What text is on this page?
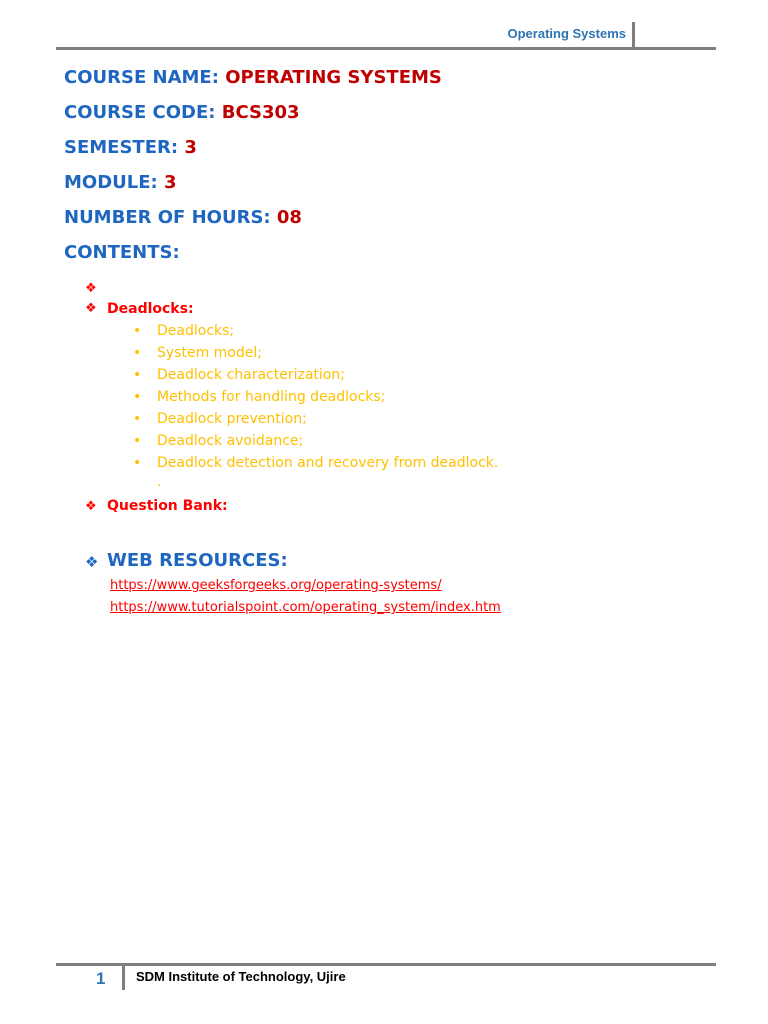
Operating Systems
COURSE NAME: OPERATING SYSTEMS
COURSE CODE: BCS303
SEMESTER: 3
MODULE: 3
NUMBER OF HOURS: 08
CONTENTS:
❖
❖ Deadlocks:
• Deadlocks;
• System model;
• Deadlock characterization;
• Methods for handling deadlocks;
• Deadlock prevention;
• Deadlock avoidance;
• Deadlock detection and recovery from deadlock.
.
❖ Question Bank:
❖ WEB RESOURCES:
https://www.geeksforgeeks.org/operating-systems/
https://www.tutorialspoint.com/operating_system/index.htm
1 SDM Institute of Technology, Ujire
